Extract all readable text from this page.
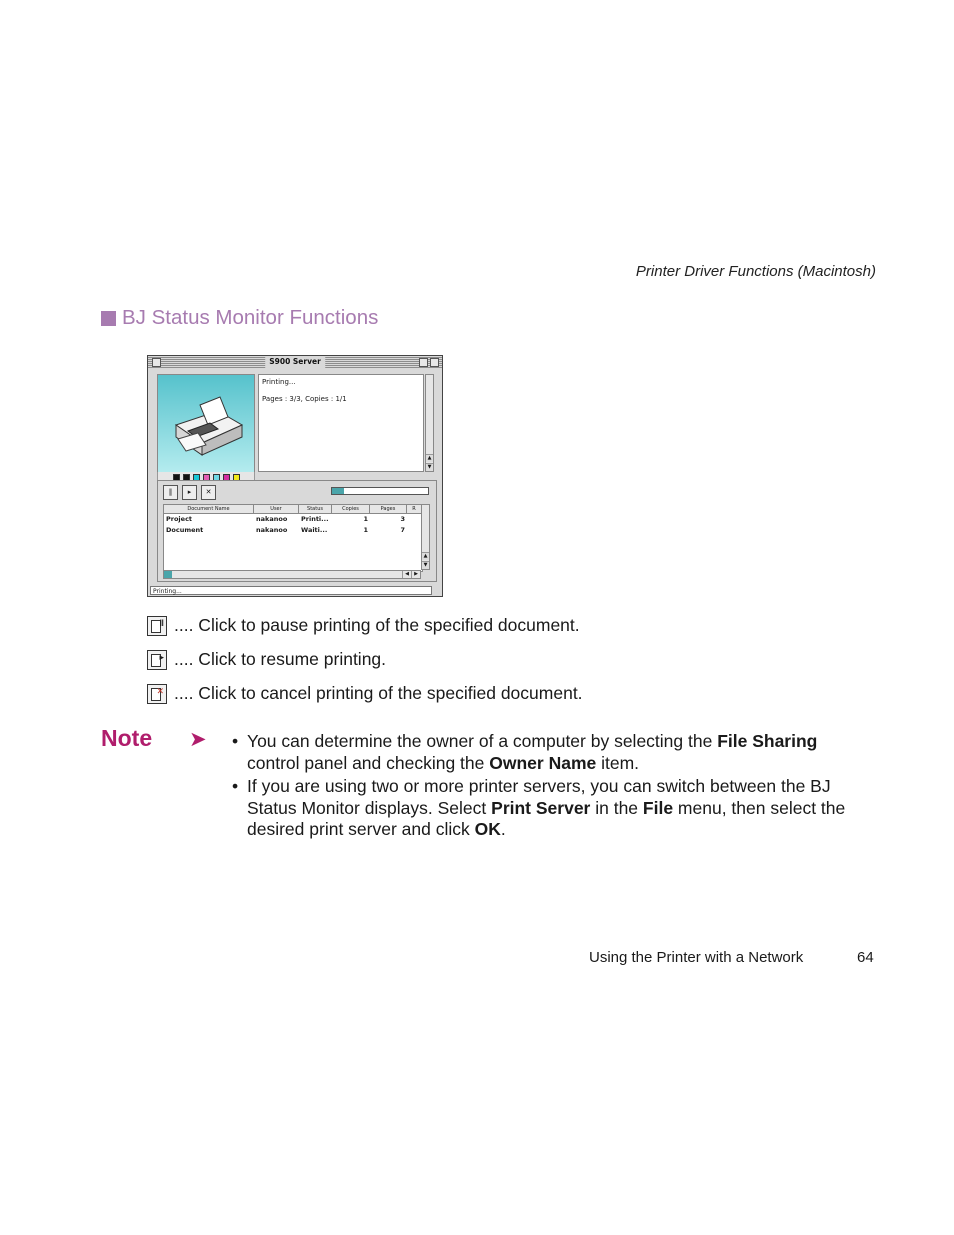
Printer Driver Functions (Macintosh)
BJ Status Monitor Functions
S900 Server
Printing...
Pages : 3/3, Copies : 1/1
▲
▼
‖	▸	✕
Document Name	User	Status	Copies	Pages	R
Project	nakanoo	Printi...	1	3
Document	nakanoo	Waiti...	1	7
▲
▼
◀	▶
Printing...
‖ .... Click to pause printing of the specified document.
▸ .... Click to resume printing.
✕ .... Click to cancel printing of the specified document.
Note ➤
•	You can determine the owner of a computer by selecting the File Sharing control panel and checking the Owner Name item.
• If you are using two or more printer servers, you can switch between the BJ Status Monitor displays. Select Print Server in the File menu, then select the desired print server and click OK.
Using the Printer with a Network	64
